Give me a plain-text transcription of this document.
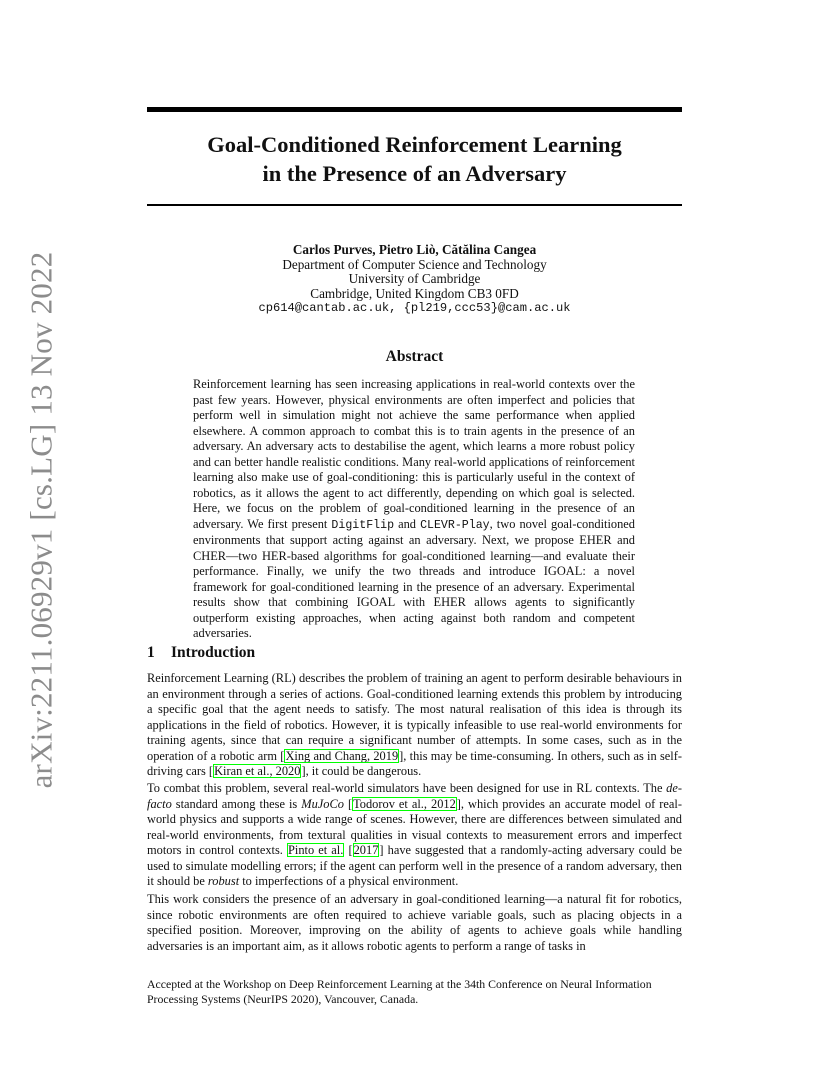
arXiv:2211.06929v1 [cs.LG] 13 Nov 2022
Goal-Conditioned Reinforcement Learning
in the Presence of an Adversary
Carlos Purves, Pietro Liò, Cătălina Cangea
Department of Computer Science and Technology
University of Cambridge
Cambridge, United Kingdom CB3 0FD
cp614@cantab.ac.uk, {pl219,ccc53}@cam.ac.uk
Abstract

Reinforcement learning has seen increasing applications in real-world contexts over the past few years. However, physical environments are often imperfect and policies that perform well in simulation might not achieve the same performance when applied elsewhere. A common approach to combat this is to train agents in the presence of an adversary. An adversary acts to destabilise the agent, which learns a more robust policy and can better handle realistic conditions. Many real-world applications of reinforcement learning also make use of goal-conditioning: this is particularly useful in the context of robotics, as it allows the agent to act differently, depending on which goal is selected. Here, we focus on the problem of goal-conditioned learning in the presence of an adversary. We first present DigitFlip and CLEVR-Play, two novel goal-conditioned environments that support acting against an adversary. Next, we propose EHER and CHER—two HER-based algorithms for goal-conditioned learning—and evaluate their performance. Finally, we unify the two threads and introduce IGOAL: a novel framework for goal-conditioned learning in the presence of an adversary. Experimental results show that combining IGOAL with EHER allows agents to significantly outperform existing approaches, when acting against both random and competent adversaries.

1 Introduction

Reinforcement Learning (RL) describes the problem of training an agent to perform desirable behaviours in an environment through a series of actions. Goal-conditioned learning extends this problem by introducing a specific goal that the agent needs to satisfy. The most natural realisation of this idea is through its applications in the field of robotics. However, it is typically infeasible to use real-world environments for training agents, since that can require a significant number of attempts. In some cases, such as in the operation of a robotic arm [Xing and Chang, 2019], this may be time-consuming. In others, such as in self-driving cars [Kiran et al., 2020], it could be dangerous.

To combat this problem, several real-world simulators have been designed for use in RL contexts. The de-facto standard among these is MuJoCo [Todorov et al., 2012], which provides an accurate model of real-world physics and supports a wide range of scenes. However, there are differences between simulated and real-world environments, from textural qualities in visual contexts to measurement errors and imperfect motors in control contexts. Pinto et al. [2017] have suggested that a randomly-acting adversary could be used to simulate modelling errors; if the agent can perform well in the presence of a random adversary, then it should be robust to imperfections of a physical environment.

This work considers the presence of an adversary in goal-conditioned learning—a natural fit for robotics, since robotic environments are often required to achieve variable goals, such as placing objects in a specified position. Moreover, improving on the ability of agents to achieve goals while handling adversaries is an important aim, as it allows robotic agents to perform a range of tasks in

Accepted at the Workshop on Deep Reinforcement Learning at the 34th Conference on Neural Information Processing Systems (NeurIPS 2020), Vancouver, Canada.
